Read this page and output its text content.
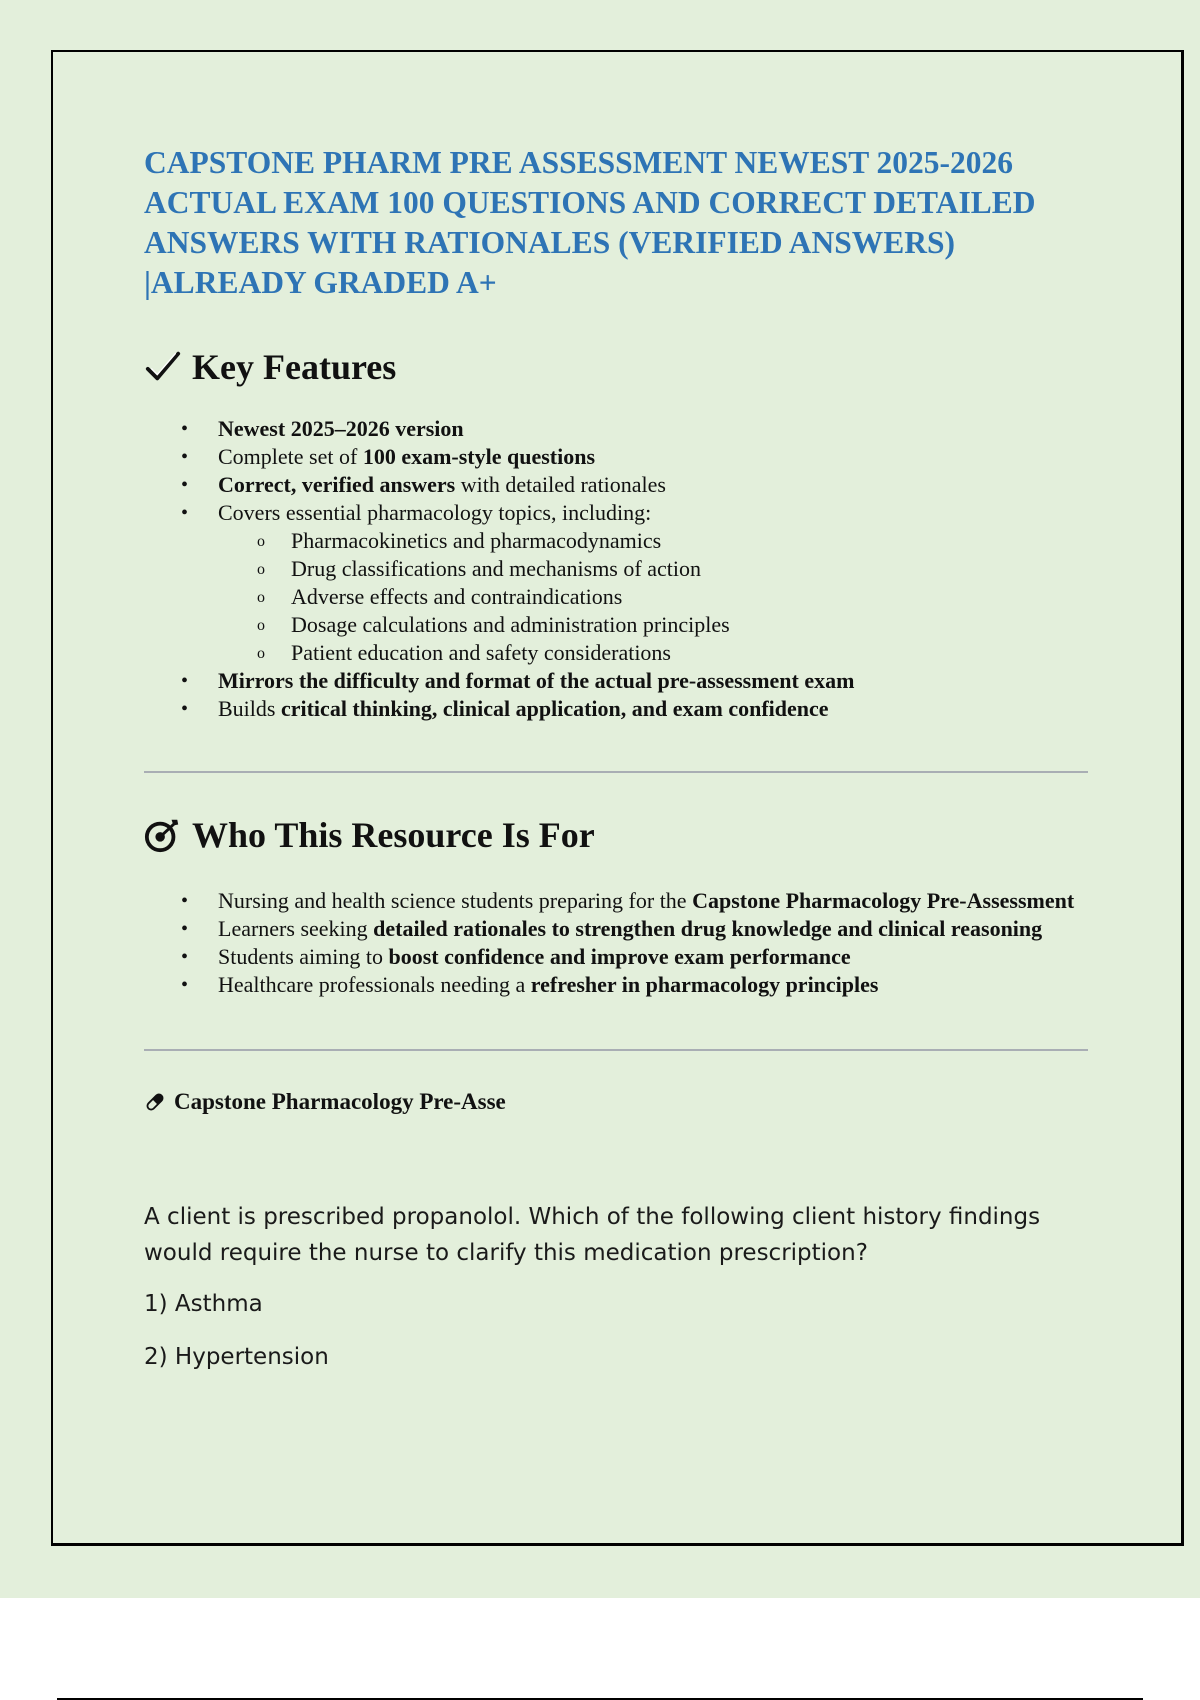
CAPSTONE PHARM PRE ASSESSMENT NEWEST 2025-2026 ACTUAL EXAM 100 QUESTIONS AND CORRECT DETAILED ANSWERS WITH RATIONALES (VERIFIED ANSWERS) |ALREADY GRADED A+
Key Features
• Newest 2025–2026 version
• Complete set of 100 exam-style questions
• Correct, verified answers with detailed rationales
• Covers essential pharmacology topics, including:
o Pharmacokinetics and pharmacodynamics
o Drug classifications and mechanisms of action
o Adverse effects and contraindications
o Dosage calculations and administration principles
o Patient education and safety considerations
• Mirrors the difficulty and format of the actual pre-assessment exam
• Builds critical thinking, clinical application, and exam confidence
Who This Resource Is For
• Nursing and health science students preparing for the Capstone Pharmacology Pre-Assessment
• Learners seeking detailed rationales to strengthen drug knowledge and clinical reasoning
• Students aiming to boost confidence and improve exam performance
• Healthcare professionals needing a refresher in pharmacology principles
Capstone Pharmacology Pre-Asse

A client is prescribed propanolol. Which of the following client history findings would require the nurse to clarify this medication prescription?

1) Asthma

2) Hypertension
